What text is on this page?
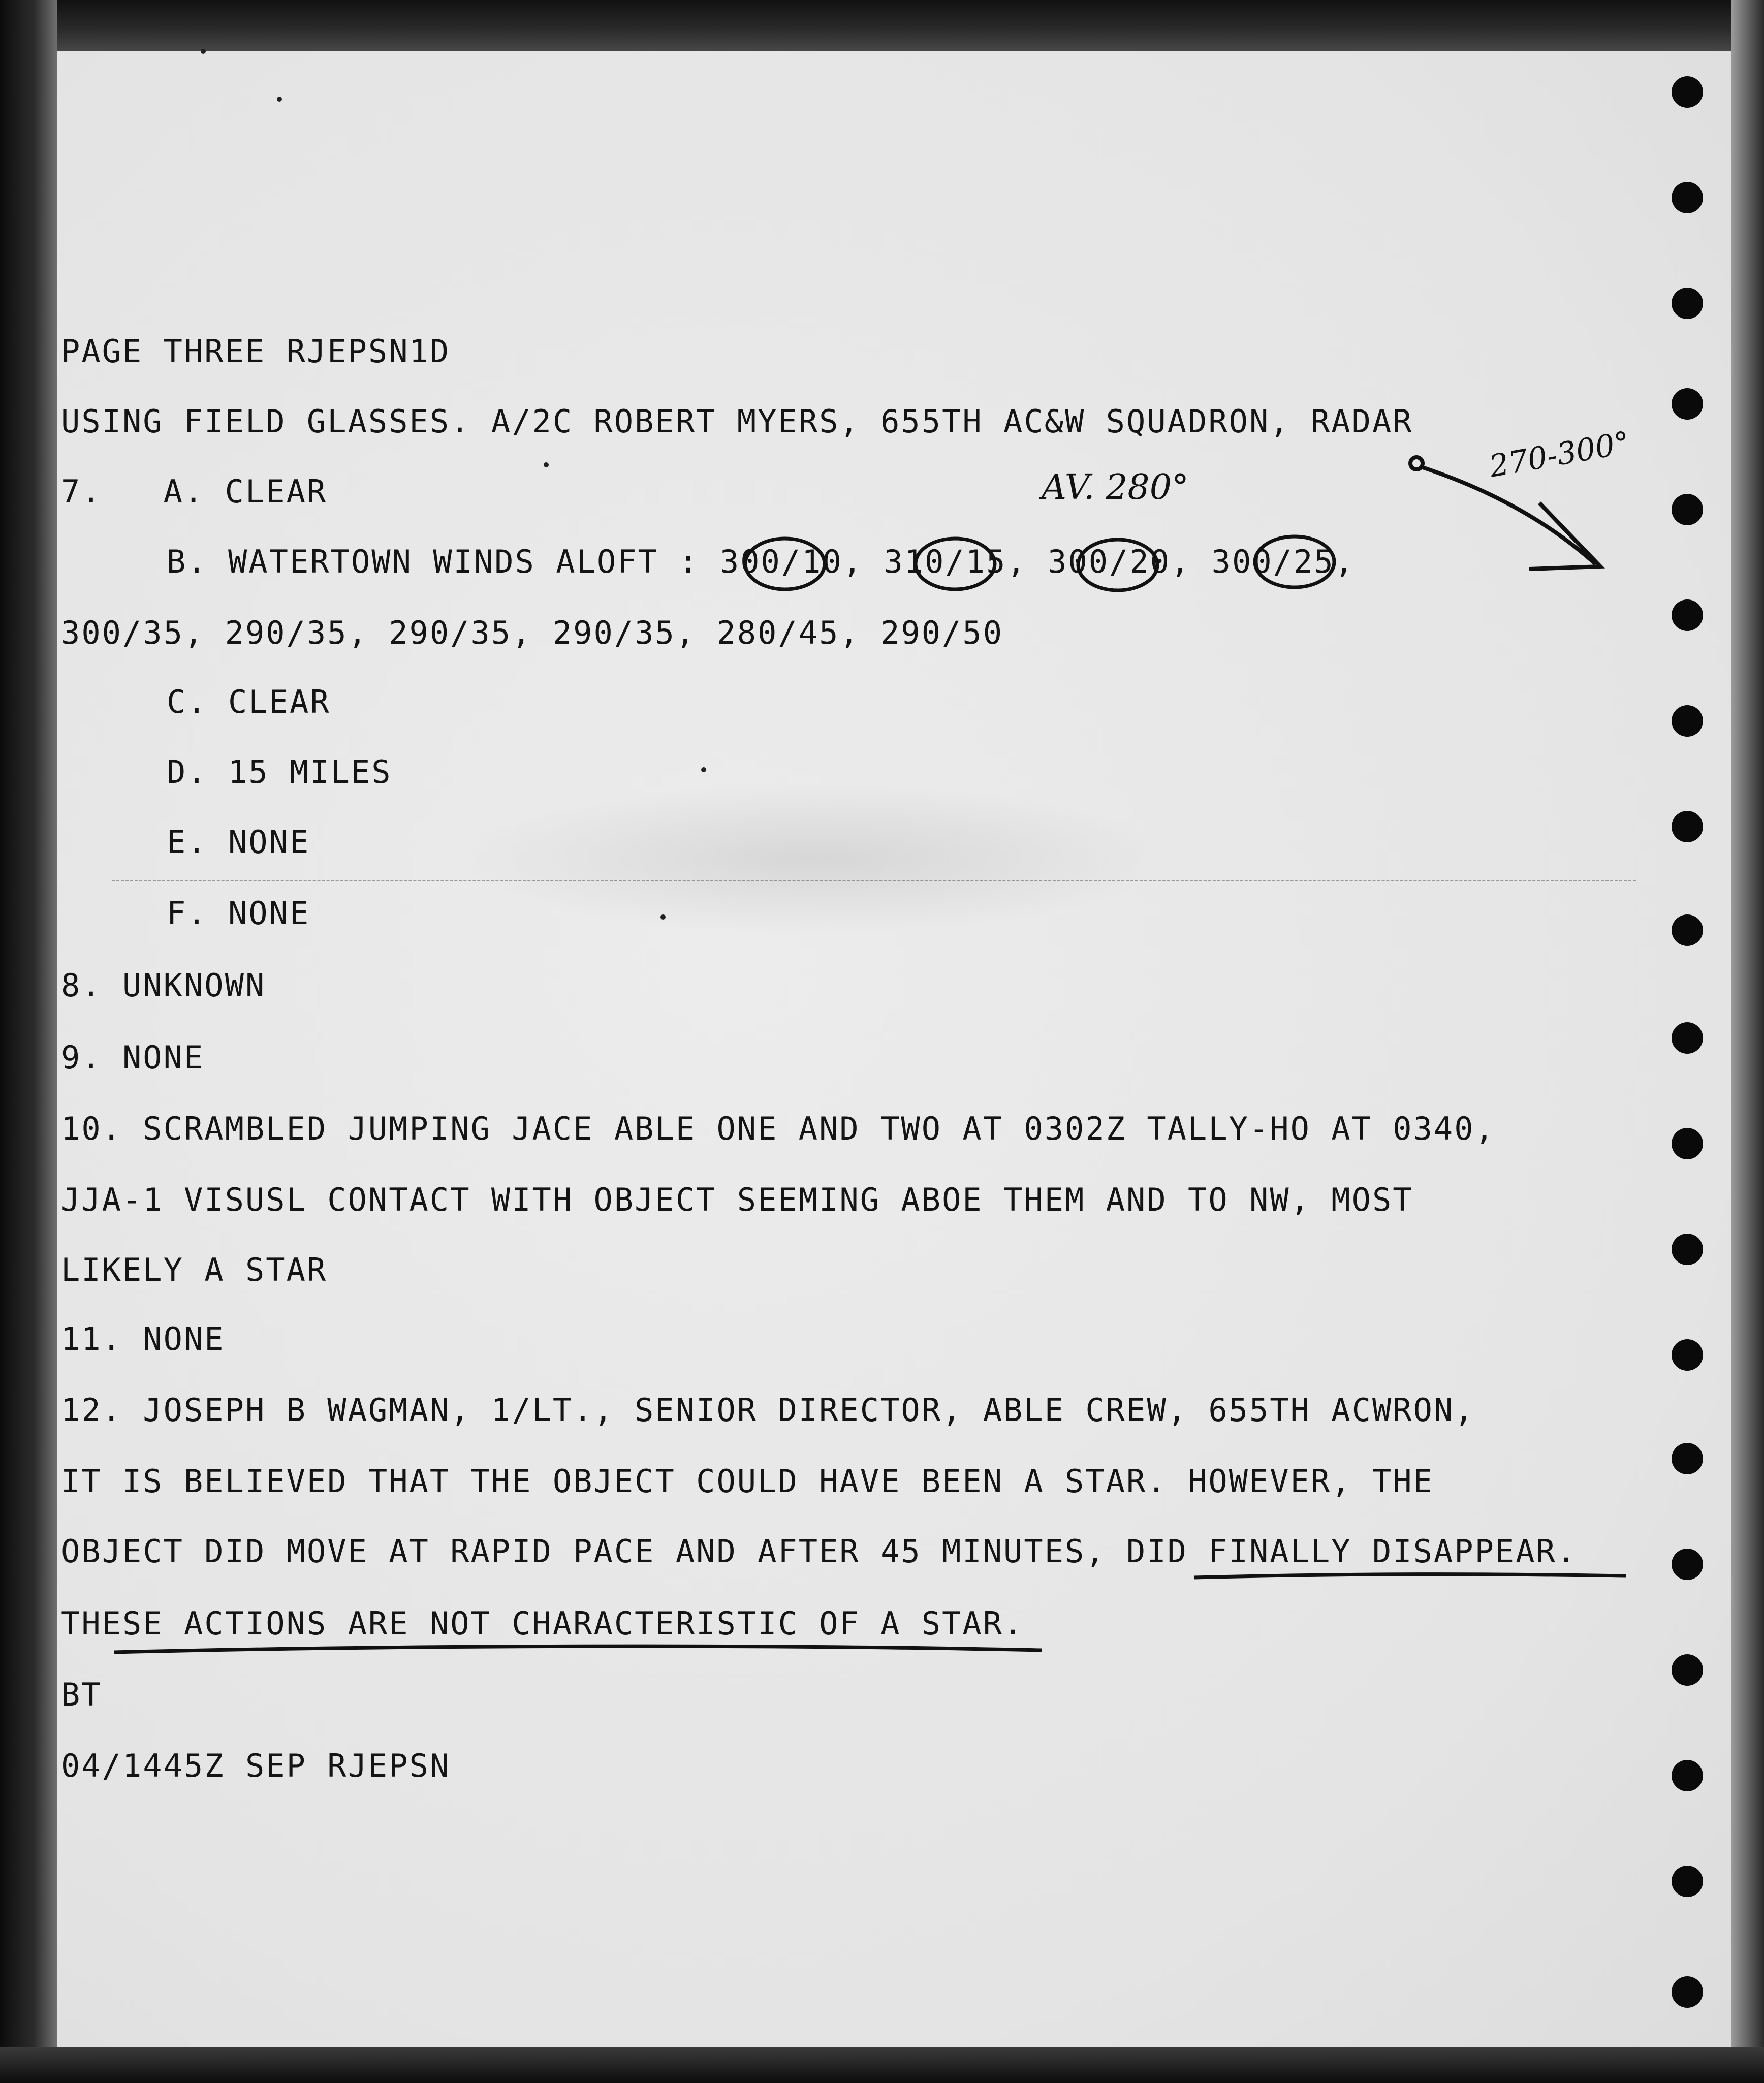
PAGE THREE RJEPSN1D
USING FIELD GLASSES. A/2C ROBERT MYERS, 655TH AC&W SQUADRON, RADAR
7.   A. CLEAR
B. WATERTOWN WINDS ALOFT : 300/10, 310/15, 300/20, 300/25,
300/35, 290/35, 290/35, 290/35, 280/45, 290/50
C. CLEAR
D. 15 MILES
E. NONE
F. NONE
8. UNKNOWN
9. NONE
10. SCRAMBLED JUMPING JACE ABLE ONE AND TWO AT 0302Z TALLY-HO AT 0340,
JJA-1 VISUSL CONTACT WITH OBJECT SEEMING ABOE THEM AND TO NW, MOST
LIKELY A STAR
11. NONE
12. JOSEPH B WAGMAN, 1/LT., SENIOR DIRECTOR, ABLE CREW, 655TH ACWRON,
IT IS BELIEVED THAT THE OBJECT COULD HAVE BEEN A STAR. HOWEVER, THE
OBJECT DID MOVE AT RAPID PACE AND AFTER 45 MINUTES, DID FINALLY DISAPPEAR.
THESE ACTIONS ARE NOT CHARACTERISTIC OF A STAR.
BT
04/1445Z SEP RJEPSN
AV. 280°
270-300°
